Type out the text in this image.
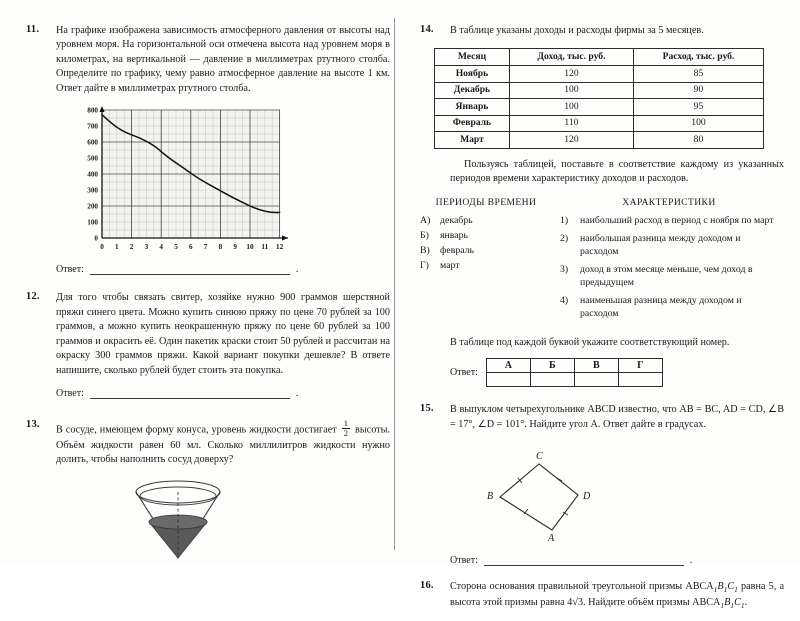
11. На графике изображена зависимость атмосферного давления от высоты над уровнем моря. На горизонтальной оси отмечена высота над уровнем моря в километрах, на вертикальной — давление в миллиметрах ртутного столба. Определите по графику, чему равно атмосферное давление на высоте 1 км. Ответ дайте в миллиметрах ртутного столба.
800
700
600
500
400
300
200
100
0
0 1 2 3 4 5 6 7 8 9 10 11 12
Ответ:	.
12. Для того чтобы связать свитер, хозяйке нужно 900 граммов шерстяной пряжи синего цвета. Можно купить синюю пряжу по цене 70 рублей за 100 граммов, а можно купить неокрашенную пряжу по цене 60 рублей за 100 граммов и окрасить её. Один пакетик краски стоит 50 рублей и рассчитан на окраску 300 граммов пряжи. Какой вариант покупки дешевле? В ответе напишите, сколько рублей будет стоить эта покупка.
Ответ:	.
13. В сосуде, имеющем форму конуса, уровень жидкости достигает $\frac{1}{2}$ высоты. Объём жидкости равен 60 мл. Сколько миллилитров жидкости нужно долить, чтобы наполнить сосуд доверху?
14. В таблице указаны доходы и расходы фирмы за 5 месяцев.
Месяц	Доход, тыс. руб.	Расход, тыс. руб.
Ноябрь	120	85
Декабрь	100	90
Январь	100	95
Февраль	110	100
Март	120	80
Пользуясь таблицей, поставьте в соответствие каждому из указанных периодов времени характеристику доходов и расходов.
ПЕРИОДЫ ВРЕМЕНИ
А) декабрь
Б)	январь
В)	февраль
Г)	март
ХАРАКТЕРИСТИКИ
1)	наибольший расход в период с ноября по март
2)	наибольшая разница между доходом и расходом
3)	доход в этом месяце меньше, чем доход в предыдущем
4)	наименьшая разница между доходом и расходом
В таблице под каждой буквой укажите соответствующий номер.
Ответ:
А	Б	В	Г

15. В выпуклом четырехугольнике ABCD известно, что AB = BC, AD = CD, ∠B = 17°, ∠D = 101°. Найдите угол A. Ответ дайте в градусах.
C
B	D
A
Ответ:	.
16. Сторона основания правильной треугольной призмы $ABCA_1B_1C_1$ равна 5, а высота этой призмы равна 4√3. Найдите объём призмы $ABCA_1B_1C_1$.
